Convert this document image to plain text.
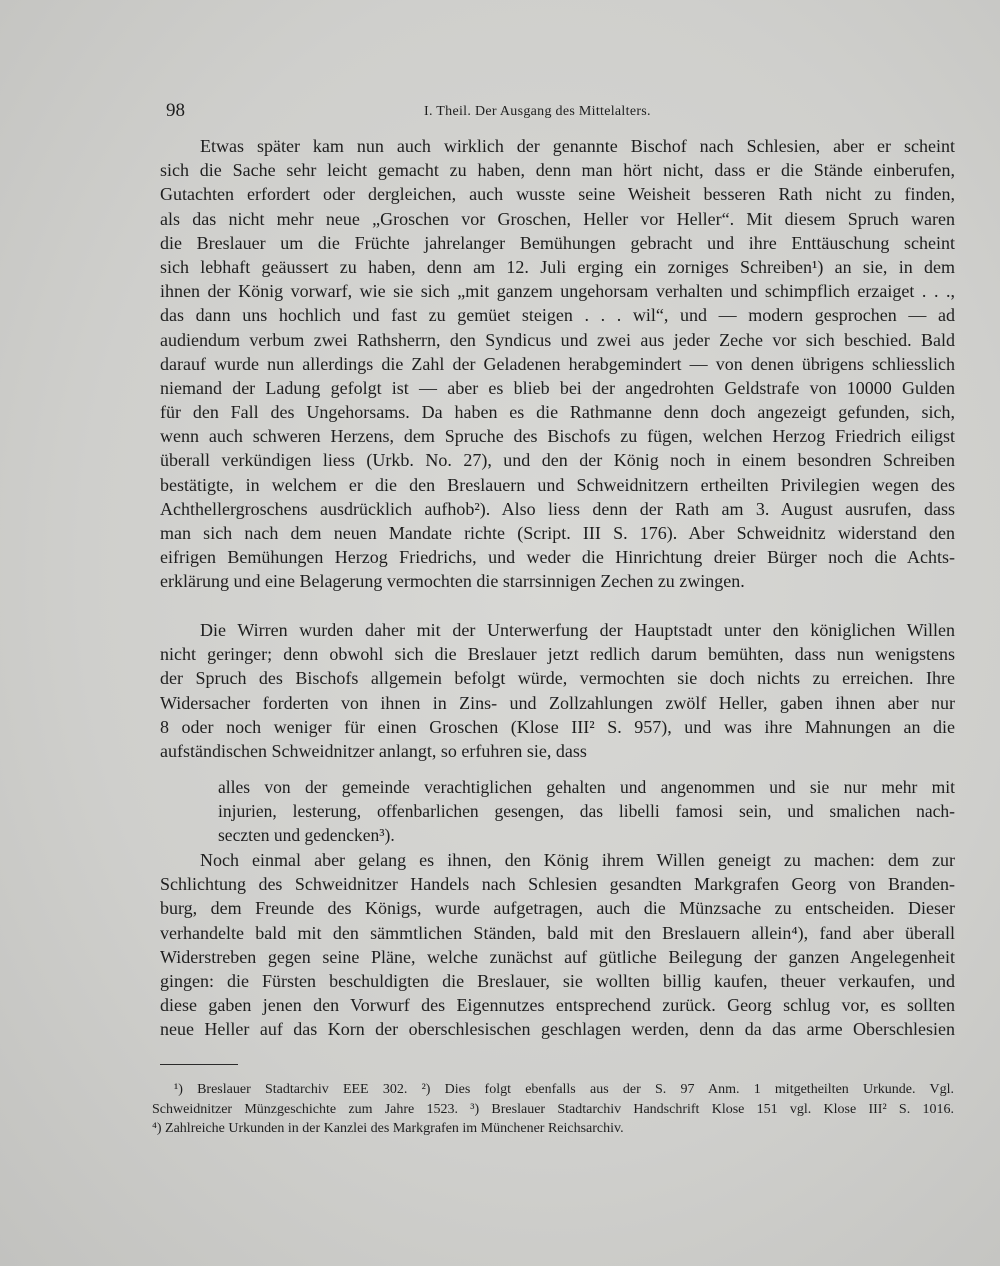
98	I. Theil. Der Ausgang des Mittelalters.
Etwas später kam nun auch wirklich der genannte Bischof nach Schlesien, aber er scheint
sich die Sache sehr leicht gemacht zu haben, denn man hört nicht, dass er die Stände einberufen,
Gutachten erfordert oder dergleichen, auch wusste seine Weisheit besseren Rath nicht zu finden,
als das nicht mehr neue „Groschen vor Groschen, Heller vor Heller“. Mit diesem Spruch waren
die Breslauer um die Früchte jahrelanger Bemühungen gebracht und ihre Enttäuschung scheint
sich lebhaft geäussert zu haben, denn am 12. Juli erging ein zorniges Schreiben¹) an sie, in dem
ihnen der König vorwarf, wie sie sich „mit ganzem ungehorsam verhalten und schimpflich erzaiget . . .,
das dann uns hochlich und fast zu gemüet steigen . . . wil“, und — modern gesprochen — ad
audiendum verbum zwei Rathsherrn, den Syndicus und zwei aus jeder Zeche vor sich beschied. Bald
darauf wurde nun allerdings die Zahl der Geladenen herabgemindert — von denen übrigens schliesslich
niemand der Ladung gefolgt ist — aber es blieb bei der angedrohten Geldstrafe von 10000 Gulden
für den Fall des Ungehorsams. Da haben es die Rathmanne denn doch angezeigt gefunden, sich,
wenn auch schweren Herzens, dem Spruche des Bischofs zu fügen, welchen Herzog Friedrich eiligst
überall verkündigen liess (Urkb. No. 27), und den der König noch in einem besondren Schreiben
bestätigte, in welchem er die den Breslauern und Schweidnitzern ertheilten Privilegien wegen des
Achthellergroschens ausdrücklich aufhob²). Also liess denn der Rath am 3. August ausrufen, dass
man sich nach dem neuen Mandate richte (Script. III S. 176). Aber Schweidnitz widerstand den
eifrigen Bemühungen Herzog Friedrichs, und weder die Hinrichtung dreier Bürger noch die Achts-
erklärung und eine Belagerung vermochten die starrsinnigen Zechen zu zwingen.
Die Wirren wurden daher mit der Unterwerfung der Hauptstadt unter den königlichen Willen
nicht geringer; denn obwohl sich die Breslauer jetzt redlich darum bemühten, dass nun wenigstens
der Spruch des Bischofs allgemein befolgt würde, vermochten sie doch nichts zu erreichen. Ihre
Widersacher forderten von ihnen in Zins- und Zollzahlungen zwölf Heller, gaben ihnen aber nur
8 oder noch weniger für einen Groschen (Klose III² S. 957), und was ihre Mahnungen an die
aufständischen Schweidnitzer anlangt, so erfuhren sie, dass
alles von der gemeinde verachtiglichen gehalten und angenommen und sie nur mehr mit
injurien, lesterung, offenbarlichen gesengen, das libelli famosi sein, und smalichen nach-
seczten und gedencken³).
Noch einmal aber gelang es ihnen, den König ihrem Willen geneigt zu machen: dem zur
Schlichtung des Schweidnitzer Handels nach Schlesien gesandten Markgrafen Georg von Branden-
burg, dem Freunde des Königs, wurde aufgetragen, auch die Münzsache zu entscheiden. Dieser
verhandelte bald mit den sämmtlichen Ständen, bald mit den Breslauern allein⁴), fand aber überall
Widerstreben gegen seine Pläne, welche zunächst auf gütliche Beilegung der ganzen Angelegenheit
gingen: die Fürsten beschuldigten die Breslauer, sie wollten billig kaufen, theuer verkaufen, und
diese gaben jenen den Vorwurf des Eigennutzes entsprechend zurück. Georg schlug vor, es sollten
neue Heller auf das Korn der oberschlesischen geschlagen werden, denn da das arme Oberschlesien
¹) Breslauer Stadtarchiv EEE 302. ²) Dies folgt ebenfalls aus der S. 97 Anm. 1 mitgetheilten Urkunde. Vgl.
Schweidnitzer Münzgeschichte zum Jahre 1523. ³) Breslauer Stadtarchiv Handschrift Klose 151 vgl. Klose III² S. 1016.
⁴) Zahlreiche Urkunden in der Kanzlei des Markgrafen im Münchener Reichsarchiv.
